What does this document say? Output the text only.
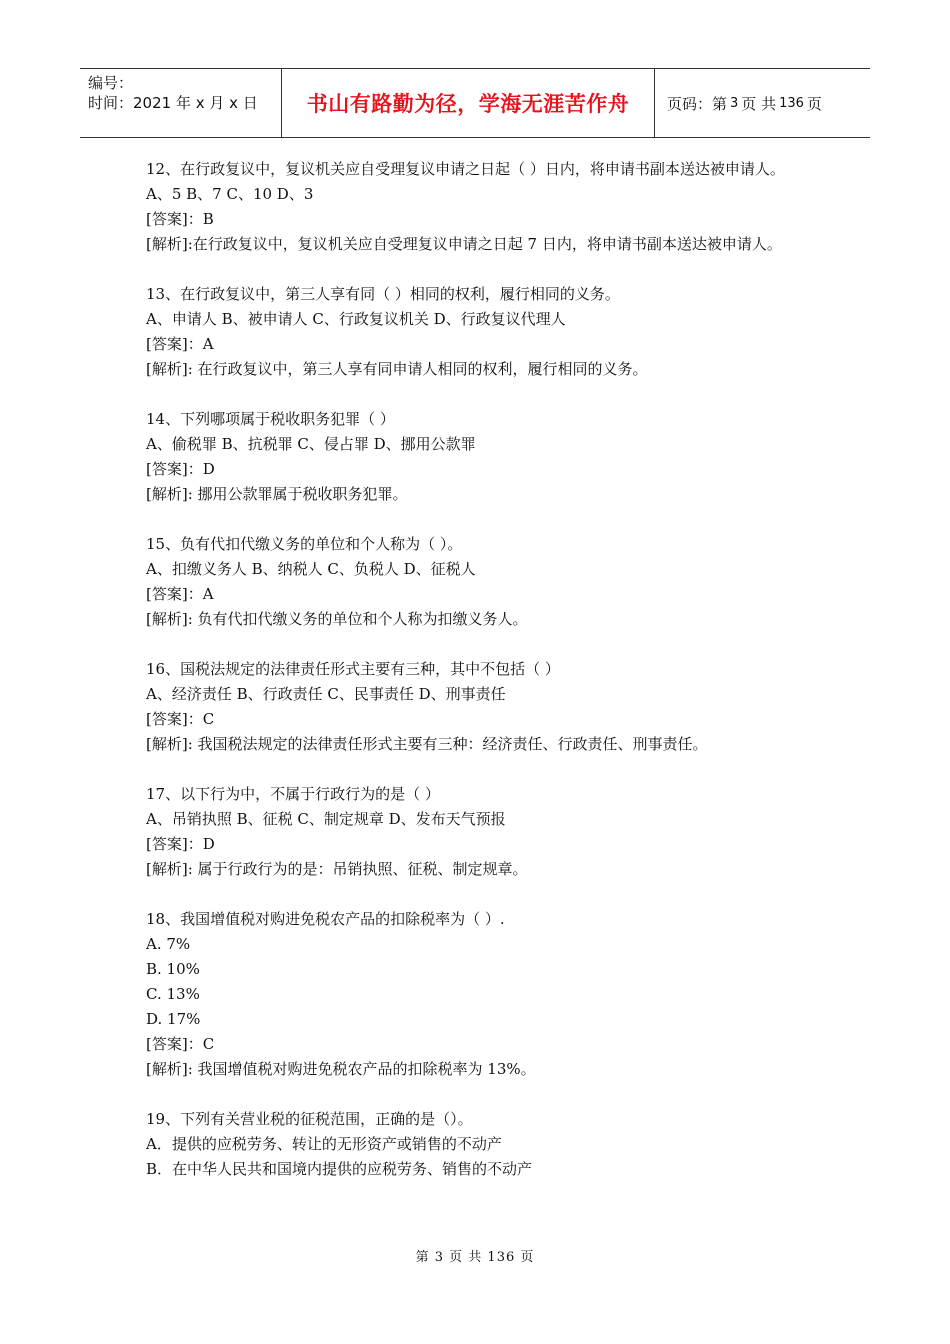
编号：
时间：2021 年 x 月 x 日	书山有路勤为径，学海无涯苦作舟	页码：第 3 页 共 136 页

12、在行政复议中，复议机关应自受理复议申请之日起（ ）日内，将申请书副本送达被申请人。

A、5 B、7 C、10 D、3

[答案]：B

[解析]:在行政复议中，复议机关应自受理复议申请之日起 7 日内，将申请书副本送达被申请人。

13、在行政复议中，第三人享有同（ ）相同的权利，履行相同的义务。

A、申请人 B、被申请人 C、行政复议机关 D、行政复议代理人

[答案]：A

[解析]: 在行政复议中，第三人享有同申请人相同的权利，履行相同的义务。

14、下列哪项属于税收职务犯罪（ ）

A、偷税罪 B、抗税罪 C、侵占罪 D、挪用公款罪

[答案]：D

[解析]: 挪用公款罪属于税收职务犯罪。

15、负有代扣代缴义务的单位和个人称为（ ）。

A、扣缴义务人 B、纳税人 C、负税人 D、征税人

[答案]：A

[解析]: 负有代扣代缴义务的单位和个人称为扣缴义务人。

16、国税法规定的法律责任形式主要有三种，其中不包括（ ）

A、经济责任 B、行政责任 C、民事责任 D、刑事责任

[答案]：C

[解析]: 我国税法规定的法律责任形式主要有三种：经济责任、行政责任、刑事责任。

17、以下行为中，不属于行政行为的是（ ）

A、吊销执照 B、征税 C、制定规章 D、发布天气预报

[答案]：D

[解析]: 属于行政行为的是：吊销执照、征税、制定规章。

18、我国增值税对购进免税农产品的扣除税率为（ ）.

A. 7%

B. 10%

C. 13%

D. 17%

[答案]：C

[解析]: 我国增值税对购进免税农产品的扣除税率为 13%。

19、下列有关营业税的征税范围，正确的是（）。

A．提供的应税劳务、转让的无形资产或销售的不动产

B．在中华人民共和国境内提供的应税劳务、销售的不动产

第 3 页 共 136 页
